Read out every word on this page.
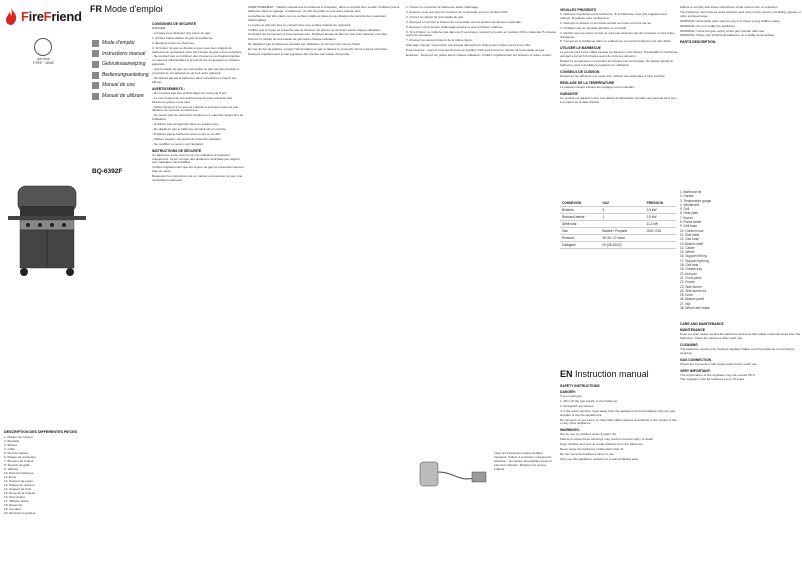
FireFriend
service
FIRE · AND
DESCRIPTION DES DIFFERENTES PIECES

1. Plaque de cuisson

2. Bouteille

3. Brûleur

4. Grille

5. Pied du brûleur

6. Plaque de protection

7. Boutons de brûleur

8. Support de grille

9. Tablette

10. Pied du barbecue

11. Roue

12. Support de tuyau

13. Plaque de cuisson

14. Support de fond

15. Roue de la roulette

16. Pied arrière

17. Tablette droite

18. Réservoir

19. Cendrier

20. Récipient à graisse

FR Mode d'emploi
Mode d'emploi
Instructions manual
Gebruiksaanwijzing
Bedienungsanleitung
Manual de uso
Manual de utilizare
BQ-6392F

CONSIGNES DE SECURITE

DANGER :

- Lorsque vous détectez une odeur de gaz :

1. Arrêtez l'alimentation du gaz du barbecue.

2. Éteignez toutes les flammes.

3. Si l'odeur de gaz se dissipe et que vous êtes éloigné du barbecue en contactant votre fournisseur de gaz ou les pompiers.

- Ne stockez pas ou n'utilisez pas d'essence ou d'autres liquides ou vapeurs inflammables à proximité de cet appareil ou d'autres appareils.

- Une bouteille de gaz non raccordée ne doit pas être stockée à proximité de cet appareil ou de tout autre appareil.

- Ne laissez jamais le barbecue sans surveillance lorsqu'il est allumé.

AVERTISSEMENTS :

- Ne convient pas aux enfants âgés de moins de 8 ans.

- Le non-respect de ces avertissements peut entraîner des blessures graves ou la mort.

- Veillez toujours à ce que les enfants et animaux restent à une distance de sécurité du barbecue.

- Ne portez pas de vêtements amples ou à manches larges lors de l'utilisation.

- N'utilisez pas cet appareil dans un espace clos.

- Ne déplacez pas le barbecue lorsqu'il est en marche.

- N'utilisez pas le barbecue sous un toit ou un abri.

- Utilisez toujours des gants de protection adaptés.

- Ne modifiez en aucun cas l'appareil.

INSTRUCTIONS DE SÉCURITÉ

Ce barbecue a été conçu pour une utilisation à l'extérieur uniquement. Tenez compte des distances minimales par rapport aux matériaux combustibles.

Vérifiez régulièrement que les tuyaux de gaz ne présentent aucune fuite ou usure.

Respectez les instructions de ce manuel et conservez-le pour une consultation ultérieure.

AVERTISSEMENT : Utilisez uniquement le barbecue à l'extérieur, dans un endroit bien ventilé. N'utilisez pas le barbecue dans un garage, un bâtiment, un abri de jardin ou tout autre espace clos.

Le barbecue doit être placé sur une surface stable et plane à une distance de sécurité des matériaux inflammables.

Le tuyau ne doit pas être en contact avec une surface chaude de l'appareil.

Vérifiez que le tuyau ne présente pas de fissures, de pliures ou de fuites avant chaque utilisation.

Contrôlez les connexions à l'eau savonneuse. N'utilisez jamais de flamme nue pour détecter une fuite.

Fermez le robinet de la bouteille de gaz après chaque utilisation.

Ne déplacez pas le barbecue pendant son utilisation ou lorsqu'il est encore chaud.

En cas de feu de graisse, coupez l'alimentation en gaz et laissez le couvercle fermé jusqu'à extinction.

Nettoyez régulièrement le bac à graisse afin d'éviter tout risque d'incendie.

1. Ouvrez le couvercle du barbecue avant l'allumage.

2. Assurez-vous que tous les boutons de commande sont en position OFF.

3. Ouvrez le robinet de la bouteille de gaz.

4. Appuyez et tournez le bouton de commande vers la position de flamme maximale.

5. Appuyez sur le bouton d'allumage jusqu'à ce que le brûleur s'allume.

6. Si le brûleur ne s'allume pas dans les 5 secondes, tournez le bouton en position OFF et attendez 5 minutes avant de réessayer.

7. Allumez les autres brûleurs de la même façon.

Allumage manuel : Approchez une longue allumette du brûleur par l'orifice prévu à cet effet.

Pour éteindre : tournez tous les boutons en position OFF puis fermez le robinet de la bouteille de gaz.

Entretien : Nettoyez les grilles après chaque utilisation. Vérifiez régulièrement les brûleurs et tubes venturi.

Lisez les instructions avant d'utiliser l'appareil. Utiliser à l'extérieur uniquement. Attention : les parties accessibles peuvent être très chaudes. Éloignez les jeunes enfants.

VEUILLEZ PRUDENTS

1. Nettoyez régulièrement le barbecue. Si le barbecue n'est pas régulièrement nettoyé, la graisse peut s'enflammer.

2. Nettoyez le brûleur et les tubes venturi au moins une fois par an.

3. N'utilisez pas de produits abrasifs ou corrosifs.

4. Vérifiez que les tubes venturi ne sont pas obstrués par des insectes ou des toiles d'araignée.

5. Conservez le barbecue dans un endroit sec et couvert lorsqu'il n'est pas utilisé.

UTILISER LE BARBECUE

Le gril est prêt à être utilisé lorsque les flammes sont bleues. Préchauffez le barbecue pendant environ 10 minutes avant de cuire les aliments.

Réglez la température en tournant les boutons de commande. Ne laissez jamais le barbecue sans surveillance pendant son utilisation.

CONSEILS DE CUISSON

Retournez les aliments une seule fois. Utilisez des ustensiles à long manche.

RÉGLAGE DE LA TEMPÉRATURE

Le tableau suivant indique les réglages recommandés.

GARANTIE

Ce produit est garanti contre tout défaut de fabrication pendant une période de 2 ans à compter de la date d'achat.

CONNEXION	GAZ	PRESSION
Brûleurs	3	2,9 kW
Réchaud latéral	1	2,5 kW
Débit total		11,2 kW
Gaz	Butane / Propane	G30 / G31
Pression	28-30 / 37 mbar	
Catégorie	I3+(28-30/37)	
EN Instruction manual

SAFETY INSTRUCTIONS

DANGER:

If you smell gas:

1. Shut off the gas supply to the barbecue.

2. Extinguish any flames.

3. If the odour persists, keep away from the appliance and immediately call your gas supplier or the fire department.

Do not store or use petrol or other flammable vapours and liquids in the vicinity of this or any other appliance.

WARNINGS:

Not for use by children under 8 years old.

Failure to follow these warnings may result in serious injury or death.

Keep children and pets at a safe distance from the barbecue.

Never leave the barbecue unattended when lit.

Do not move the barbecue when in use.

Only use this appliance outdoors in a well ventilated area.

Failure to comply with these instructions could result in fire or explosion.

The barbecue must only be used outdoors and must not be used in a building, garage or other enclosed area.

WARNING: Accessible parts may be very hot. Keep young children away.

WARNING: Do not modify the appliance.

WARNING: Close the gas supply at the gas cylinder after use.

WARNING: Place your FireFriend barbecue on a stable level surface.

PARTS DESCRIPTION

1. Barbecue lid

2. Handle

3. Temperature gauge

4. Windshield

5. Grill

6. Heat plate

7. Burner

8. Flame tamer

9. Grill base

10. Control knob

11. Side table

12. Gas hose

13. Bottom shelf

14. Caster

15. Wheel

16. Support left leg

17. Support right leg

18. Gas tank

19. Grease tray

20. Ash pan

21. Front panel

22. Frame

23. Side burner

24. Side burner lid

25. Knob

26. Bottom panel

27. Nut

28. Wheel with brake

CARE AND MAINTENANCE

MAINTENANCE

Keep an open space around the barbecue and keep flammable materials away from the barbecue. Clean the barbecue after each use.

CLEANING

The barbecue needs to be cleaned regularly. Make sure the barbecue is cool before cleaning.

GAS CONNECTION

Check the connection with soapy water before each use.

VERY IMPORTANT:

The temperature of the regulator may not exceed 50°C.

The regulator must be replaced every 10 years.
